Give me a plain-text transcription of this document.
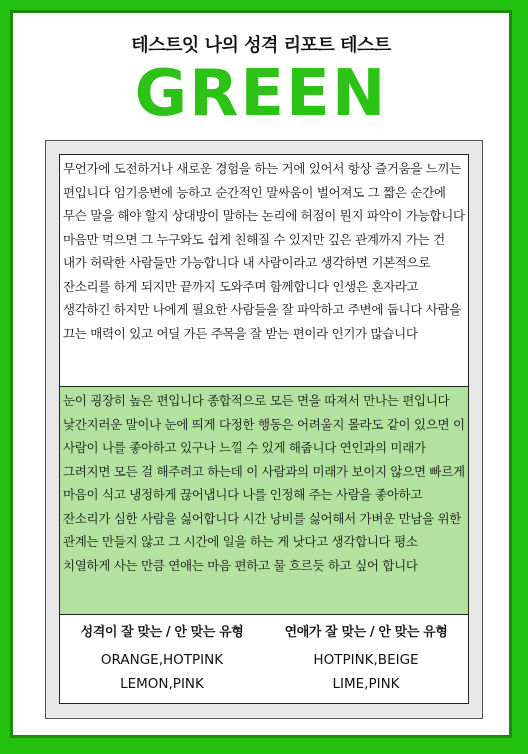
테스트잇 나의 성격 리포트 테스트
GREEN
무언가에 도전하거나 새로운 경험을 하는 거에 있어서 항상 즐거움을 느끼는 편입니다 임기응변에 능하고 순간적인 말싸움이 벌어져도 그 짧은 순간에 무슨 말을 해야 할지 상대방이 말하는 논리에 허점이 뭔지 파악이 가능합니다 마음만 먹으면 그 누구와도 쉽게 친해질 수 있지만 깊은 관계까지 가는 건 내가 허락한 사람들만 가능합니다 내 사람이라고 생각하면 기본적으로 잔소리를 하게 되지만 끝까지 도와주며 함께합니다 인생은 혼자라고 생각하긴 하지만 나에게 필요한 사람들을 잘 파악하고 주변에 둡니다 사람을 끄는 매력이 있고 어딜 가든 주목을 잘 받는 편이라 인기가 많습니다
눈이 굉장히 높은 편입니다 종합적으로 모든 면을 따져서 만나는 편입니다 낯간지러운 말이나 눈에 띄게 다정한 행동은 어려울지 몰라도 같이 있으면 이 사람이 나를 좋아하고 있구나 느낄 수 있게 해줍니다 연인과의 미래가 그려지면 모든 걸 해주려고 하는데 이 사람과의 미래가 보이지 않으면 빠르게 마음이 식고 냉정하게 끊어냅니다 나를 인정해 주는 사람을 좋아하고 잔소리가 심한 사람을 싫어합니다 시간 낭비를 싫어해서 가벼운 만남을 위한 관계는 만들지 않고 그 시간에 일을 하는 게 낫다고 생각합니다 평소 치열하게 사는 만큼 연애는 마음 편하고 물 흐르듯 하고 싶어 합니다
성격이 잘 맞는 / 안 맞는 유형
ORANGE,HOTPINK
LEMON,PINK
연애가 잘 맞는 / 안 맞는 유형
HOTPINK,BEIGE
LIME,PINK
